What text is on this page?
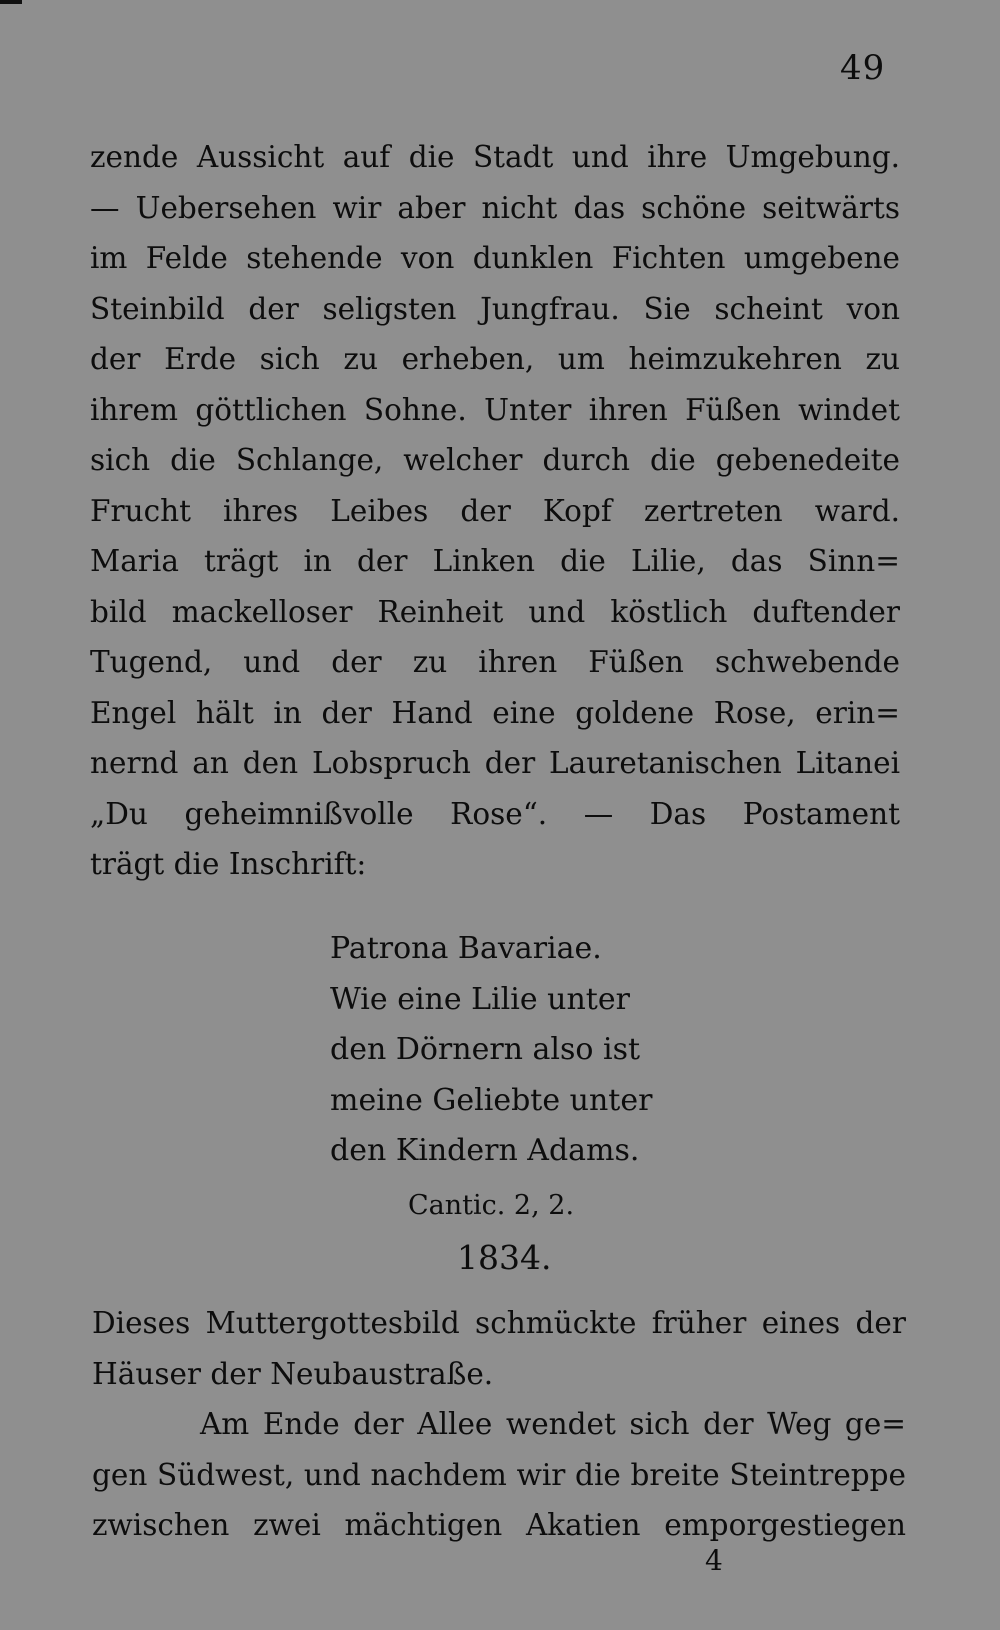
49
zende Aussicht auf die Stadt und ihre Umgebung.
— Uebersehen wir aber nicht das schöne seitwärts
im Felde stehende von dunklen Fichten umgebene
Steinbild der seligsten Jungfrau. Sie scheint von
der Erde sich zu erheben, um heimzukehren zu
ihrem göttlichen Sohne. Unter ihren Füßen windet
sich die Schlange, welcher durch die gebenedeite
Frucht ihres Leibes der Kopf zertreten ward.
Maria trägt in der Linken die Lilie, das Sinn=
bild mackelloser Reinheit und köstlich duftender
Tugend, und der zu ihren Füßen schwebende
Engel hält in der Hand eine goldene Rose, erin=
nernd an den Lobspruch der Lauretanischen Litanei
„Du geheimnißvolle Rose“. — Das Postament
trägt die Inschrift:
Patrona Bavariae.
Wie eine Lilie unter
den Dörnern also ist
meine Geliebte unter
den Kindern Adams.
Cantic. 2, 2.
1834.
Dieses Muttergottesbild schmückte früher eines der
Häuser der Neubaustraße.
Am Ende der Allee wendet sich der Weg ge=
gen Südwest, und nachdem wir die breite Steintreppe
zwischen zwei mächtigen Akatien emporgestiegen
4
